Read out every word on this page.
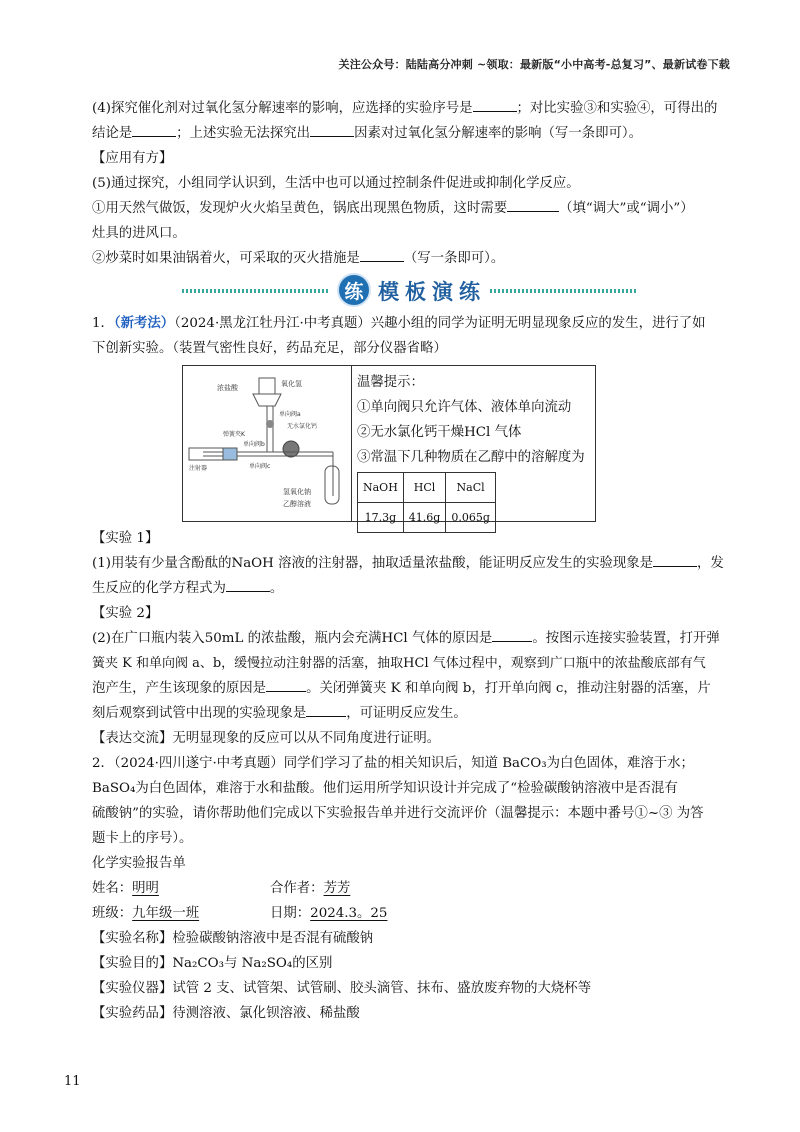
关注公众号：陆陆高分冲刺 ~领取：最新版“小中高考-总复习”、最新试卷下载
(4)探究催化剂对过氧化氢分解速率的影响，应选择的实验序号是	；对比实验③和实验④，可得出的
结论是	；上述实验无法探究出	因素对过氧化氢分解速率的影响（写一条即可）。
【应用有方】
(5)通过探究，小组同学认识到，生活中也可以通过控制条件促进或抑制化学反应。
①用天然气做饭，发现炉火火焰呈黄色，锅底出现黑色物质，这时需要	（填“调大”或“调小”）
灶具的进风口。
②炒菜时如果油锅着火，可采取的灭火措施是	（写一条即可）。
练 模板演练
1．（新考法）（2024·黑龙江牡丹江·中考真题）兴趣小组的同学为证明无明显现象反应的发生，进行了如
下创新实验。（装置气密性良好，药品充足，部分仪器省略）
浓盐酸	氧化氢
单向阀a
无水氯化钙
弹簧夹K
单向阀b
注射器	单向阀c
氢氧化钠
乙醇溶液
温馨提示：
①单向阀只允许气体、液体单向流动
②无水氯化钙干燥HCl 气体
③常温下几种物质在乙醇中的溶解度为
NaOH	HCl	NaCl
17.3g	41.6g	0.065g
【实验 1】
(1)用装有少量含酚酞的NaOH 溶液的注射器，抽取适量浓盐酸，能证明反应发生的实验现象是	，发
生反应的化学方程式为	。
【实验 2】
(2)在广口瓶内装入50mL 的浓盐酸，瓶内会充满HCl 气体的原因是	。按图示连接实验装置，打开弹
簧夹 K 和单向阀 a、b，缓慢拉动注射器的活塞，抽取HCl 气体过程中，观察到广口瓶中的浓盐酸底部有气
泡产生，产生该现象的原因是	。关闭弹簧夹 K 和单向阀 b，打开单向阀 c，推动注射器的活塞，片
刻后观察到试管中出现的实验现象是	，可证明反应发生。
【表达交流】无明显现象的反应可以从不同角度进行证明。
2．（2024·四川遂宁·中考真题）同学们学习了盐的相关知识后，知道 BaCO₃为白色固体，难溶于水；
BaSO₄为白色固体，难溶于水和盐酸。他们运用所学知识设计并完成了“检验碳酸钠溶液中是否混有
硫酸钠”的实验，请你帮助他们完成以下实验报告单并进行交流评价（温馨提示：本题中番号①~③ 为答
题卡上的序号）。
化学实验报告单
姓名：明明	合作者：芳芳
班级：九年级一班	日期：2024.3。25
【实验名称】检验碳酸钠溶液中是否混有硫酸钠
【实验目的】Na₂CO₃与 Na₂SO₄的区别
【实验仪器】试管 2 支、试管架、试管刷、胶头滴管、抹布、盛放废弃物的大烧杯等
【实验药品】待测溶液、氯化钡溶液、稀盐酸
11
